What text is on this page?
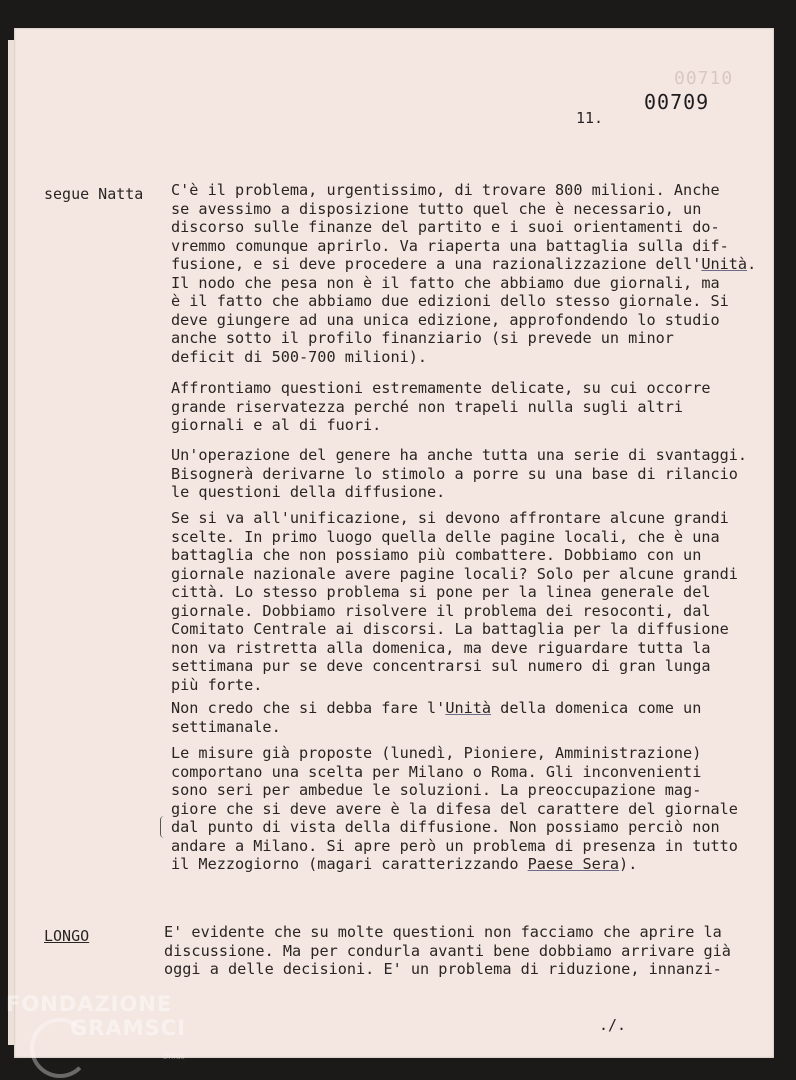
00710
11.
00709
segue Natta C'è il problema, urgentissimo, di trovare 800 milioni. Anche
se avessimo a disposizione tutto quel che è necessario, un
discorso sulle finanze del partito e i suoi orientamenti do-
vremmo comunque aprirlo. Va riaperta una battaglia sulla dif-
fusione, e si deve procedere a una razionalizzazione dell'Unità.
Il nodo che pesa non è il fatto che abbiamo due giornali, ma
è il fatto che abbiamo due edizioni dello stesso giornale. Si
deve giungere ad una unica edizione, approfondendo lo studio
anche sotto il profilo finanziario (si prevede un minor
deficit di 500-700 milioni).
Affrontiamo questioni estremamente delicate, su cui occorre
grande riservatezza perché non trapeli nulla sugli altri
giornali e al di fuori.
Un'operazione del genere ha anche tutta una serie di svantaggi.
Bisognerà derivarne lo stimolo a porre su una base di rilancio
le questioni della diffusione.
Se si va all'unificazione, si devono affrontare alcune grandi
scelte. In primo luogo quella delle pagine locali, che è una
battaglia che non possiamo più combattere. Dobbiamo con un
giornale nazionale avere pagine locali? Solo per alcune grandi
città. Lo stesso problema si pone per la linea generale del
giornale. Dobbiamo risolvere il problema dei resoconti, dal
Comitato Centrale ai discorsi. La battaglia per la diffusione
non va ristretta alla domenica, ma deve riguardare tutta la
settimana pur se deve concentrarsi sul numero di gran lunga
più forte.
Non credo che si debba fare l'Unità della domenica come un
settimanale.
Le misure già proposte (lunedì, Pioniere, Amministrazione)
comportano una scelta per Milano o Roma. Gli inconvenienti
sono seri per ambedue le soluzioni. La preoccupazione mag-
giore che si deve avere è la difesa del carattere del giornale
dal punto di vista della diffusione. Non possiamo perciò non
andare a Milano. Si apre però un problema di presenza in tutto
il Mezzogiorno (magari caratterizzando Paese Sera).
LONGO	E' evidente che su molte questioni non facciamo che aprire la
discussione. Ma per condurla avanti bene dobbiamo arrivare già
oggi a delle decisioni. E' un problema di riduzione, innanzi-
./.
FONDAZIONE
GRAMSCI
Onlus
